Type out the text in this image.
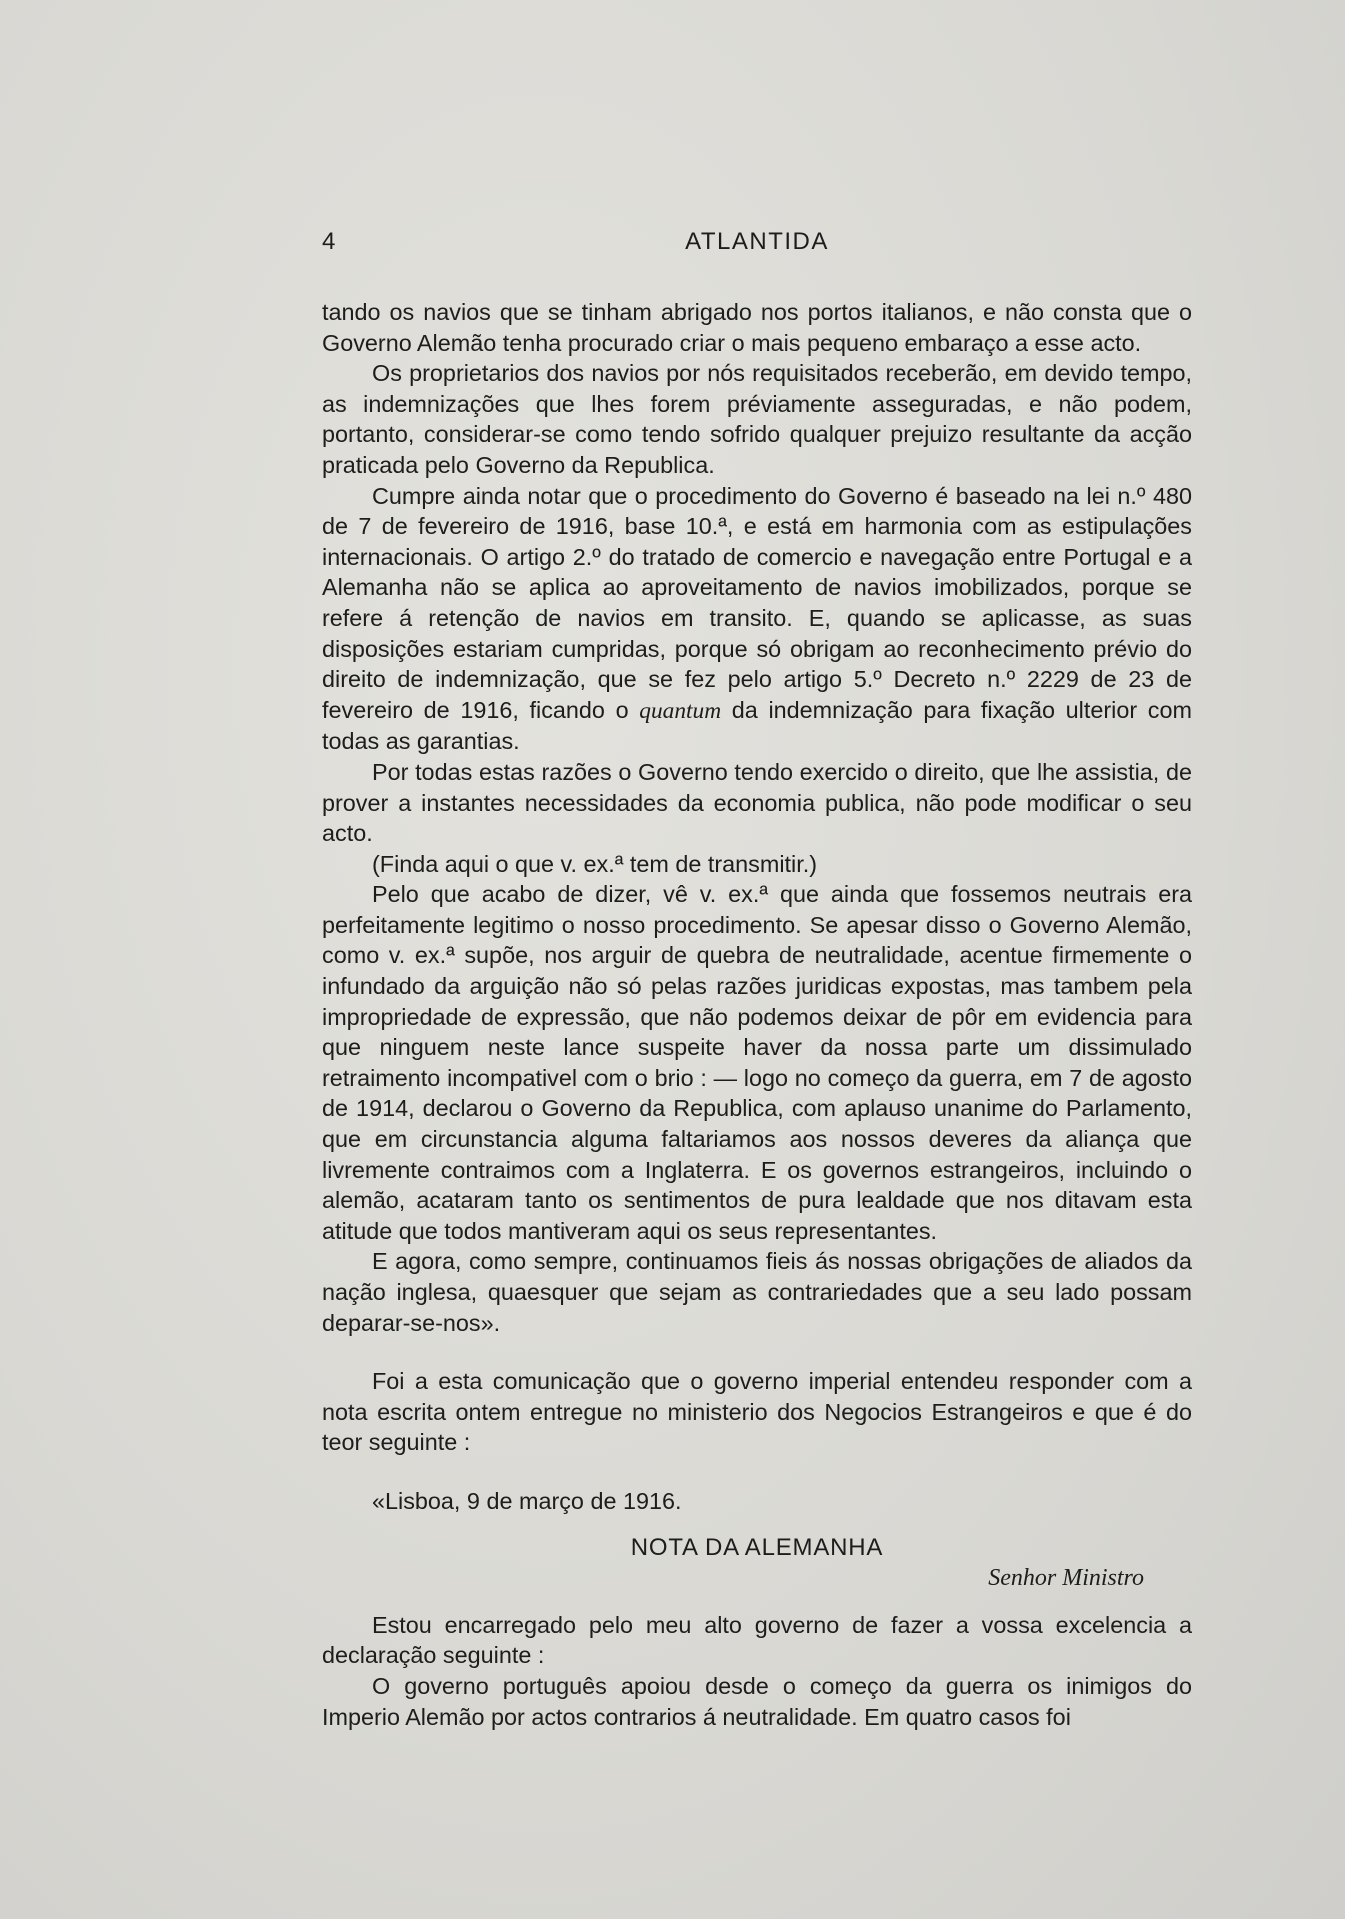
4	ATLANTIDA

tando os navios que se tinham abrigado nos portos italianos, e não consta que o Governo Alemão tenha procurado criar o mais pequeno embaraço a esse acto.

Os proprietarios dos navios por nós requisitados receberão, em devido tempo, as indemnizações que lhes forem préviamente asseguradas, e não podem, portanto, considerar-se como tendo sofrido qualquer prejuizo resultante da acção praticada pelo Governo da Republica.

Cumpre ainda notar que o procedimento do Governo é baseado na lei n.º 480 de 7 de fevereiro de 1916, base 10.ª, e está em harmonia com as estipulações internacionais. O artigo 2.º do tratado de comercio e navegação entre Portugal e a Alemanha não se aplica ao aproveitamento de navios imobilizados, porque se refere á retenção de navios em transito. E, quando se aplicasse, as suas disposições estariam cumpridas, porque só obrigam ao reconhecimento prévio do direito de indemnização, que se fez pelo artigo 5.º Decreto n.º 2229 de 23 de fevereiro de 1916, ficando o quantum da indemnização para fixação ulterior com todas as garantias.

Por todas estas razões o Governo tendo exercido o direito, que lhe assistia, de prover a instantes necessidades da economia publica, não pode modificar o seu acto.

(Finda aqui o que v. ex.ª tem de transmitir.)

Pelo que acabo de dizer, vê v. ex.ª que ainda que fossemos neutrais era perfeitamente legitimo o nosso procedimento. Se apesar disso o Governo Alemão, como v. ex.ª supõe, nos arguir de quebra de neutralidade, acentue firmemente o infundado da arguição não só pelas razões juridicas expostas, mas tambem pela impropriedade de expressão, que não podemos deixar de pôr em evidencia para que ninguem neste lance suspeite haver da nossa parte um dissimulado retraimento incompativel com o brio : — logo no começo da guerra, em 7 de agosto de 1914, declarou o Governo da Republica, com aplauso unanime do Parlamento, que em circunstancia alguma faltariamos aos nossos deveres da aliança que livremente contraimos com a Inglaterra. E os governos estrangeiros, incluindo o alemão, acataram tanto os sentimentos de pura lealdade que nos ditavam esta atitude que todos mantiveram aqui os seus representantes.

E agora, como sempre, continuamos fieis ás nossas obrigações de aliados da nação inglesa, quaesquer que sejam as contrariedades que a seu lado possam deparar-se-nos».

Foi a esta comunicação que o governo imperial entendeu responder com a nota escrita ontem entregue no ministerio dos Negocios Estrangeiros e que é do teor seguinte :

«Lisboa, 9 de março de 1916.

NOTA DA ALEMANHA
Senhor Ministro

Estou encarregado pelo meu alto governo de fazer a vossa excelencia a declaração seguinte :

O governo português apoiou desde o começo da guerra os inimigos do Imperio Alemão por actos contrarios á neutralidade. Em quatro casos foi
